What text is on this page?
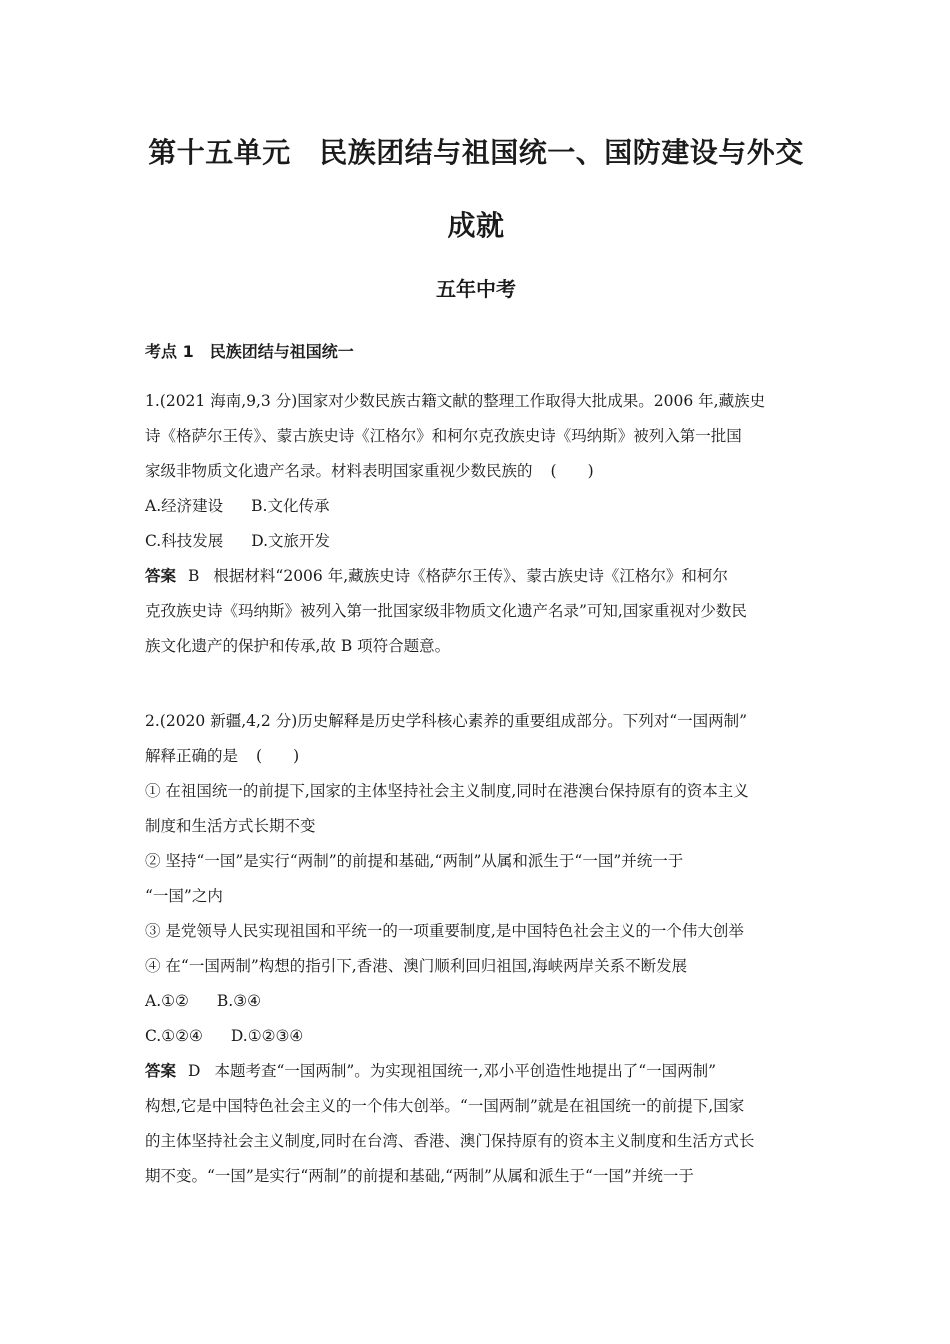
第十五单元　民族团结与祖国统一、国防建设与外交
成就
五年中考
考点 1　民族团结与祖国统一

1.(2021 海南,9,3 分)国家对少数民族古籍文献的整理工作取得大批成果。2006 年,藏族史

诗《格萨尔王传》、蒙古族史诗《江格尔》和柯尔克孜族史诗《玛纳斯》被列入第一批国

家级非物质文化遗产名录。材料表明国家重视少数民族的 (　　)

A.经济建设 B.文化传承

C.科技发展 D.文旅开发

答案 B 根据材料“2006 年,藏族史诗《格萨尔王传》、蒙古族史诗《江格尔》和柯尔

克孜族史诗《玛纳斯》被列入第一批国家级非物质文化遗产名录”可知,国家重视对少数民

族文化遗产的保护和传承,故 B 项符合题意。

2.(2020 新疆,4,2 分)历史解释是历史学科核心素养的重要组成部分。下列对“一国两制”

解释正确的是 (　　)

① 在祖国统一的前提下,国家的主体坚持社会主义制度,同时在港澳台保持原有的资本主义

制度和生活方式长期不变

② 坚持“一国”是实行“两制”的前提和基础,“两制”从属和派生于“一国”并统一于

“一国”之内

③ 是党领导人民实现祖国和平统一的一项重要制度,是中国特色社会主义的一个伟大创举

④ 在“一国两制”构想的指引下,香港、澳门顺利回归祖国,海峡两岸关系不断发展

A.①② B.③④

C.①②④ D.①②③④

答案 D 本题考查“一国两制”。为实现祖国统一,邓小平创造性地提出了“一国两制”

构想,它是中国特色社会主义的一个伟大创举。“一国两制”就是在祖国统一的前提下,国家

的主体坚持社会主义制度,同时在台湾、香港、澳门保持原有的资本主义制度和生活方式长

期不变。“一国”是实行“两制”的前提和基础,“两制”从属和派生于“一国”并统一于
